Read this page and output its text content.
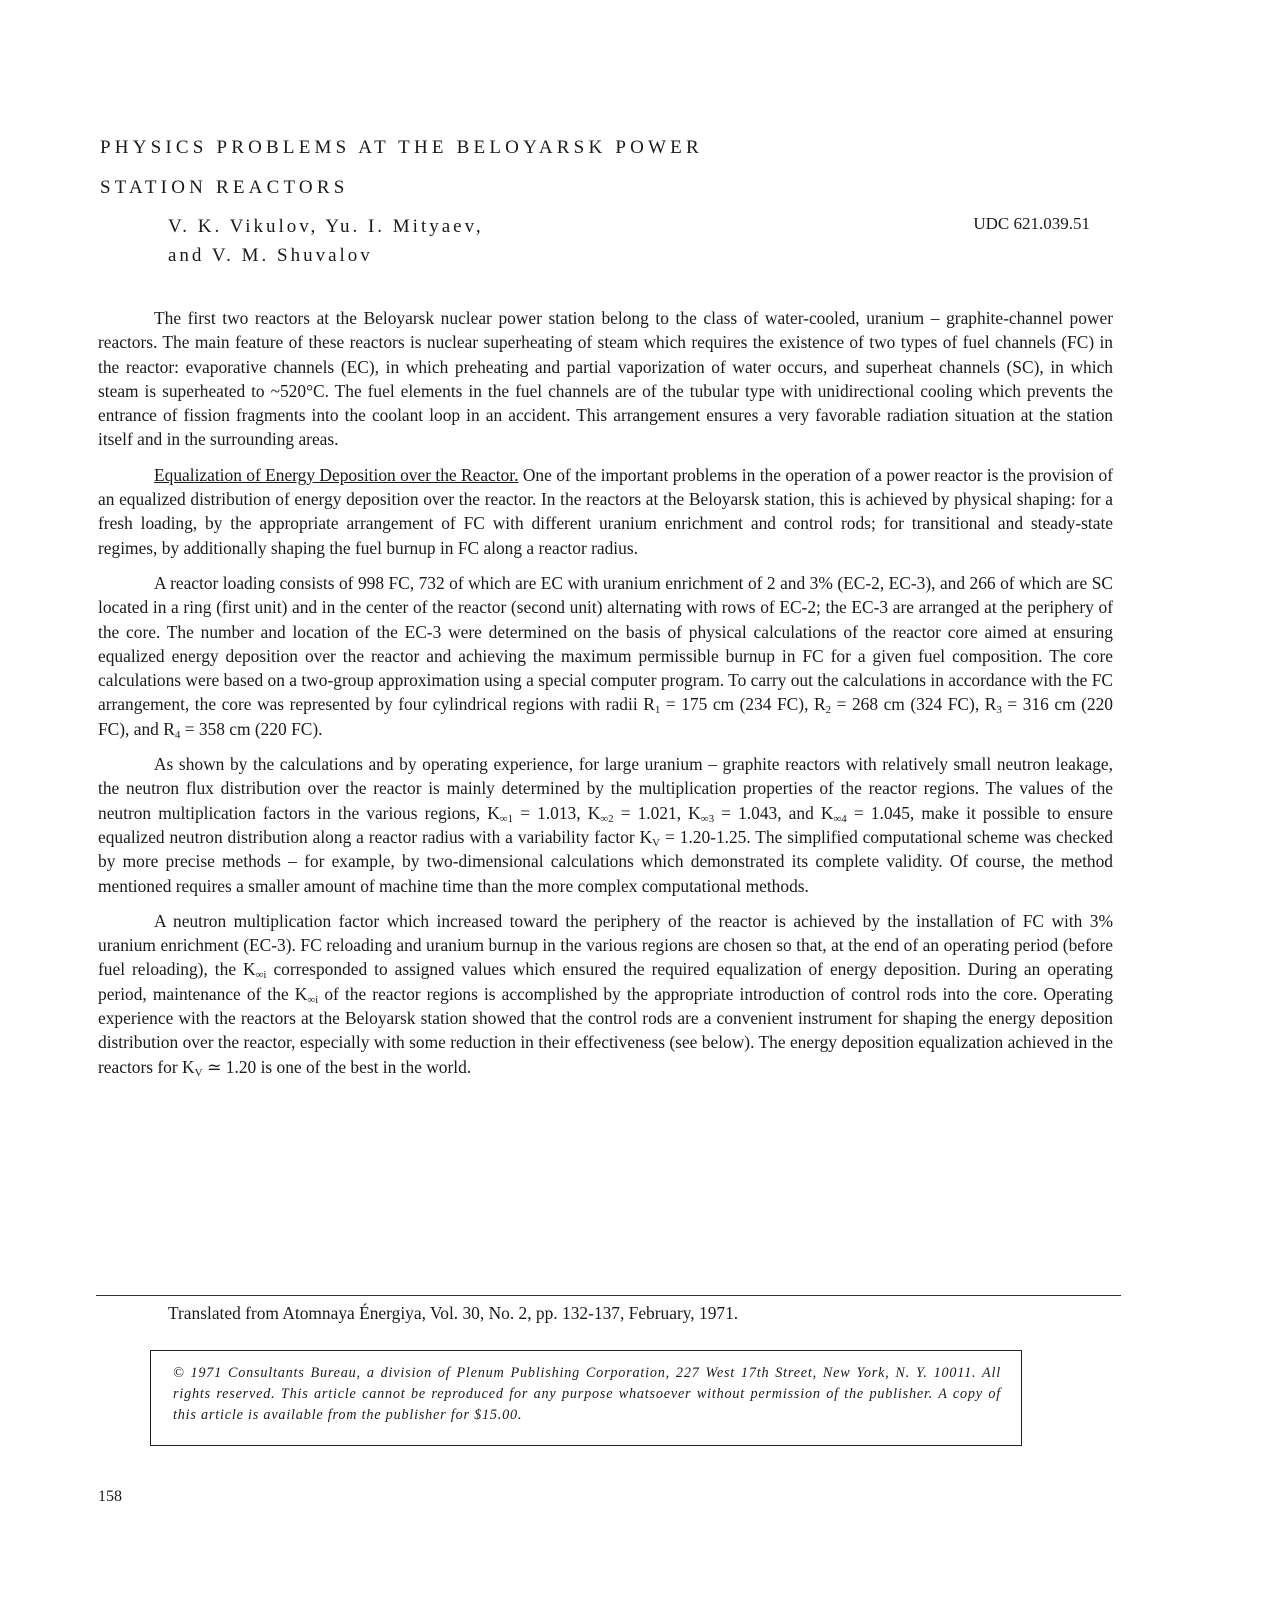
PHYSICS PROBLEMS AT THE BELOYARSK POWER
STATION REACTORS
V. K. Vikulov, Yu. I. Mityaev,
and V. M. Shuvalov
UDC 621.039.51

The first two reactors at the Beloyarsk nuclear power station belong to the class of water-cooled, uranium – graphite-channel power reactors. The main feature of these reactors is nuclear superheating of steam which requires the existence of two types of fuel channels (FC) in the reactor: evaporative channels (EC), in which preheating and partial vaporization of water occurs, and superheat channels (SC), in which steam is superheated to ~520°C. The fuel elements in the fuel channels are of the tubular type with unidirectional cooling which prevents the entrance of fission fragments into the coolant loop in an accident. This arrangement ensures a very favorable radiation situation at the station itself and in the surrounding areas.

Equalization of Energy Deposition over the Reactor. One of the important problems in the operation of a power reactor is the provision of an equalized distribution of energy deposition over the reactor. In the reactors at the Beloyarsk station, this is achieved by physical shaping: for a fresh loading, by the appropriate arrangement of FC with different uranium enrichment and control rods; for transitional and steady-state regimes, by additionally shaping the fuel burnup in FC along a reactor radius.

A reactor loading consists of 998 FC, 732 of which are EC with uranium enrichment of 2 and 3% (EC-2, EC-3), and 266 of which are SC located in a ring (first unit) and in the center of the reactor (second unit) alternating with rows of EC-2; the EC-3 are arranged at the periphery of the core. The number and location of the EC-3 were determined on the basis of physical calculations of the reactor core aimed at ensuring equalized energy deposition over the reactor and achieving the maximum permissible burnup in FC for a given fuel composition. The core calculations were based on a two-group approximation using a special computer program. To carry out the calculations in accordance with the FC arrangement, the core was represented by four cylindrical regions with radii $R_1 = 175$ cm (234 FC), $R_2 = 268$ cm (324 FC), $R_3 = 316$ cm (220 FC), and $R_4 = 358$ cm (220 FC).

As shown by the calculations and by operating experience, for large uranium – graphite reactors with relatively small neutron leakage, the neutron flux distribution over the reactor is mainly determined by the multiplication properties of the reactor regions. The values of the neutron multiplication factors in the various regions, $K_{\infty 1} = 1.013$, $K_{\infty 2} = 1.021$, $K_{\infty 3} = 1.043$, and $K_{\infty 4} = 1.045$, make it possible to ensure equalized neutron distribution along a reactor radius with a variability factor $K_V = 1.20-1.25$. The simplified computational scheme was checked by more precise methods – for example, by two-dimensional calculations which demonstrated its complete validity. Of course, the method mentioned requires a smaller amount of machine time than the more complex computational methods.

A neutron multiplication factor which increased toward the periphery of the reactor is achieved by the installation of FC with 3% uranium enrichment (EC-3). FC reloading and uranium burnup in the various regions are chosen so that, at the end of an operating period (before fuel reloading), the $K_{\infty i}$ corresponded to assigned values which ensured the required equalization of energy deposition. During an operating period, maintenance of the $K_{\infty i}$ of the reactor regions is accomplished by the appropriate introduction of control rods into the core. Operating experience with the reactors at the Beloyarsk station showed that the control rods are a convenient instrument for shaping the energy deposition distribution over the reactor, especially with some reduction in their effectiveness (see below). The energy deposition equalization achieved in the reactors for $K_V$ ≃ 1.20 is one of the best in the world.

Translated from Atomnaya Énergiya, Vol. 30, No. 2, pp. 132-137, February, 1971.
© 1971 Consultants Bureau, a division of Plenum Publishing Corporation, 227 West 17th Street, New York, N. Y. 10011. All rights reserved. This article cannot be reproduced for any purpose whatsoever without permission of the publisher. A copy of this article is available from the publisher for $15.00.
158
